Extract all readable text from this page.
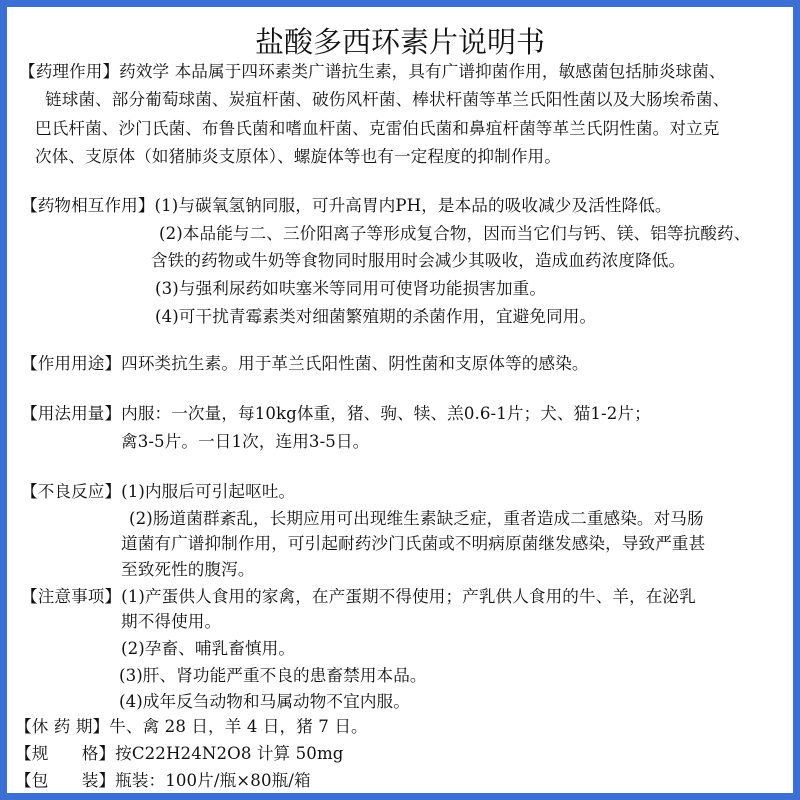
盐酸多西环素片说明书
【药理作用】药效学 本品属于四环素类广谱抗生素，具有广谱抑菌作用，敏感菌包括肺炎球菌、
链球菌、部分葡萄球菌、炭疽杆菌、破伤风杆菌、棒状杆菌等革兰氏阳性菌以及大肠埃希菌、
巴氏杆菌、沙门氏菌、布鲁氏菌和嗜血杆菌、克雷伯氏菌和鼻疽杆菌等革兰氏阴性菌。对立克
次体、支原体（如猪肺炎支原体）、螺旋体等也有一定程度的抑制作用。
【药物相互作用】(1)与碳氧氢钠同服，可升高胃内PH，是本品的吸收减少及活性降低。
(2)本品能与二、三价阳离子等形成复合物，因而当它们与钙、镁、铝等抗酸药、
含铁的药物或牛奶等食物同时服用时会减少其吸收，造成血药浓度降低。
(3)与强利尿药如呋塞米等同用可使肾功能损害加重。
(4)可干扰青霉素类对细菌繁殖期的杀菌作用，宜避免同用。
【作用用途】四环类抗生素。用于革兰氏阳性菌、阴性菌和支原体等的感染。
【用法用量】内服：一次量，每10kg体重，猪、驹、犊、羔0.6-1片；犬、猫1-2片；
禽3-5片。一日1次，连用3-5日。
【不良反应】(1)内服后可引起呕吐。
(2)肠道菌群紊乱，长期应用可出现维生素缺乏症，重者造成二重感染。对马肠
道菌有广谱抑制作用，可引起耐药沙门氏菌或不明病原菌继发感染，导致严重甚
至致死性的腹泻。
【注意事项】(1)产蛋供人食用的家禽，在产蛋期不得使用；产乳供人食用的牛、羊，在泌乳
期不得使用。
(2)孕畜、哺乳畜慎用。
(3)肝、肾功能严重不良的患畜禁用本品。
(4)成年反刍动物和马属动物不宜内服。
【休 药 期】牛、禽 28 日，羊 4 日，猪 7 日。
【规　　格】按C22H24N2O8 计算 50mg
【包　　装】瓶装：100片/瓶×80瓶/箱
